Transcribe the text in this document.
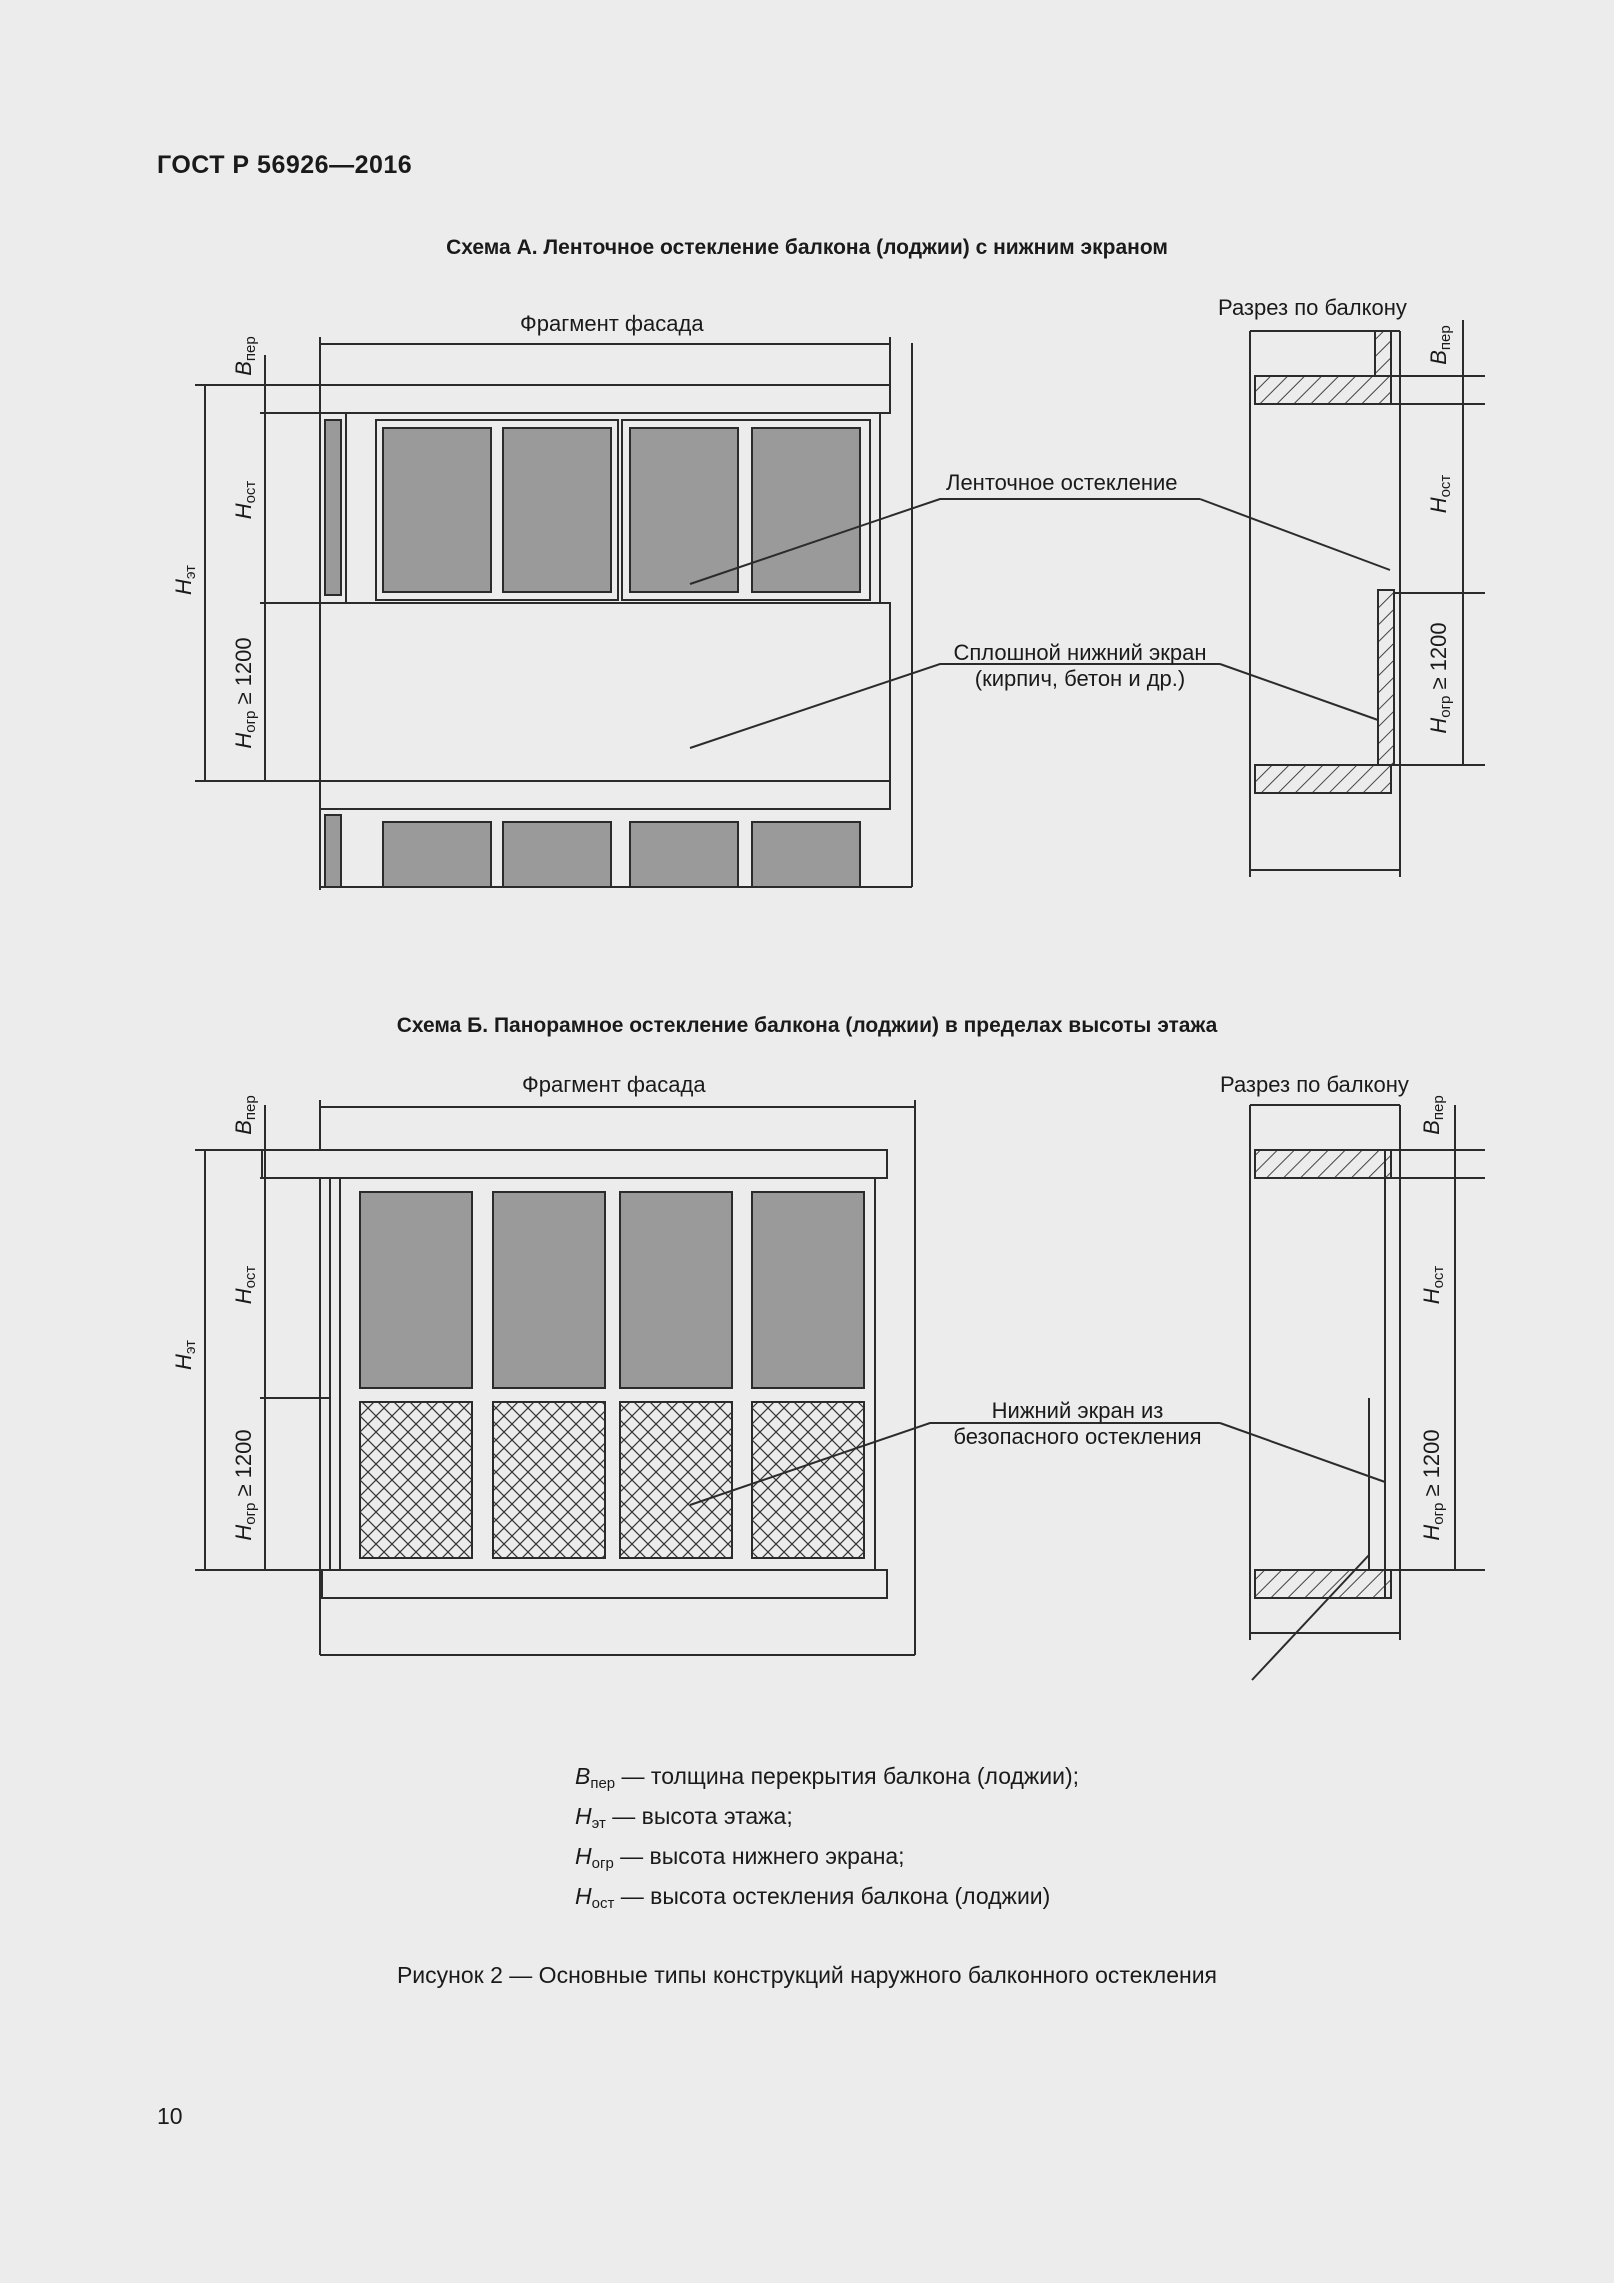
ГОСТ Р 56926—2016
Схема А. Ленточное остекление балкона (лоджии) с нижним экраном
Фрагмент фасада
Разрез по балкону
Ленточное остекление
Сплошной нижний экран
(кирпич, бетон и др.)
$B_{пер}$
$H_{ост}$
$H_{эт}$
$H_{огр} \ge 1200$
$B_{пер}$
$H_{ост}$
$H_{огр} \ge 1200$
Схема Б. Панорамное остекление балкона (лоджии) в пределах высоты этажа
Фрагмент фасада	Разрез по балкону
Нижний экран из
безопасного остекления
$B_{пер}$
$H_{ост}$
$H_{эт}$
$H_{огр} \ge 1200$
$B_{пер}$
$H_{ост}$
$H_{огр} \ge 1200$
$B_{пер}$ — толщина перекрытия балкона (лоджии);
$H_{эт}$ — высота этажа;
$H_{огр}$ — высота нижнего экрана;
$H_{ост}$ — высота остекления балкона (лоджии)
Рисунок 2 — Основные типы конструкций наружного балконного остекления
10
